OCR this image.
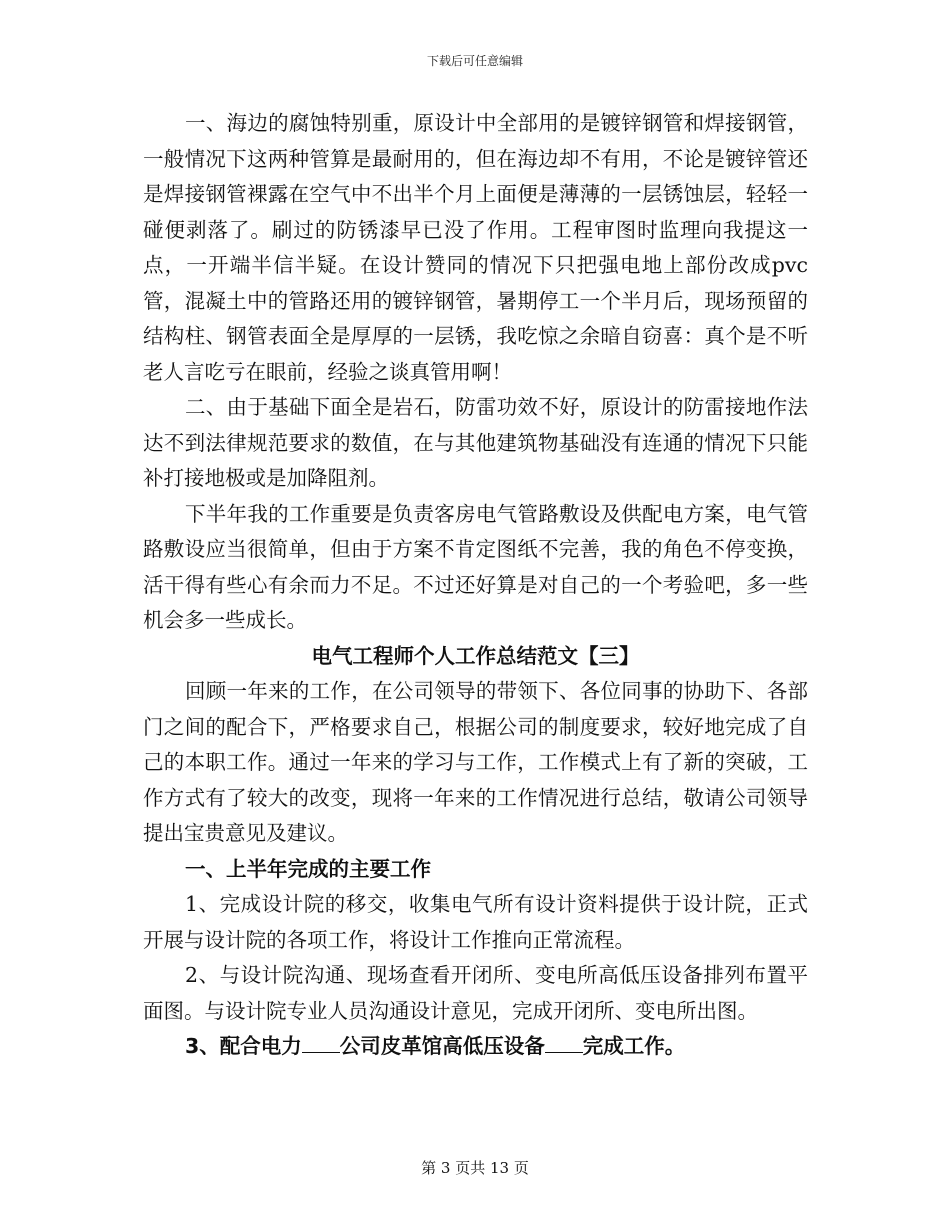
下载后可任意编辑

一、海边的腐蚀特别重，原设计中全部用的是镀锌钢管和焊接钢管，一般情况下这两种管算是最耐用的，但在海边却不有用，不论是镀锌管还是焊接钢管裸露在空气中不出半个月上面便是薄薄的一层锈蚀层，轻轻一碰便剥落了。刷过的防锈漆早已没了作用。工程审图时监理向我提这一点，一开端半信半疑。在设计赞同的情况下只把强电地上部份改成pvc管，混凝土中的管路还用的镀锌钢管，暑期停工一个半月后，现场预留的结构柱、钢管表面全是厚厚的一层锈，我吃惊之余暗自窃喜：真个是不听老人言吃亏在眼前，经验之谈真管用啊！

二、由于基础下面全是岩石，防雷功效不好，原设计的防雷接地作法达不到法律规范要求的数值，在与其他建筑物基础没有连通的情况下只能补打接地极或是加降阻剂。

下半年我的工作重要是负责客房电气管路敷设及供配电方案，电气管路敷设应当很简单，但由于方案不肯定图纸不完善，我的角色不停变换，活干得有些心有余而力不足。不过还好算是对自己的一个考验吧，多一些机会多一些成长。

电气工程师个人工作总结范文【三】

回顾一年来的工作，在公司领导的带领下、各位同事的协助下、各部门之间的配合下，严格要求自己，根据公司的制度要求，较好地完成了自己的本职工作。通过一年来的学习与工作，工作模式上有了新的突破，工作方式有了较大的改变，现将一年来的工作情况进行总结，敬请公司领导提出宝贵意见及建议。

一、上半年完成的主要工作

1、完成设计院的移交，收集电气所有设计资料提供于设计院，正式开展与设计院的各项工作，将设计工作推向正常流程。

2、与设计院沟通、现场查看开闭所、变电所高低压设备排列布置平面图。与设计院专业人员沟通设计意见，完成开闭所、变电所出图。

3、配合电力 公司皮革馆高低压设备 完成工作。

第 3 页共 13 页
